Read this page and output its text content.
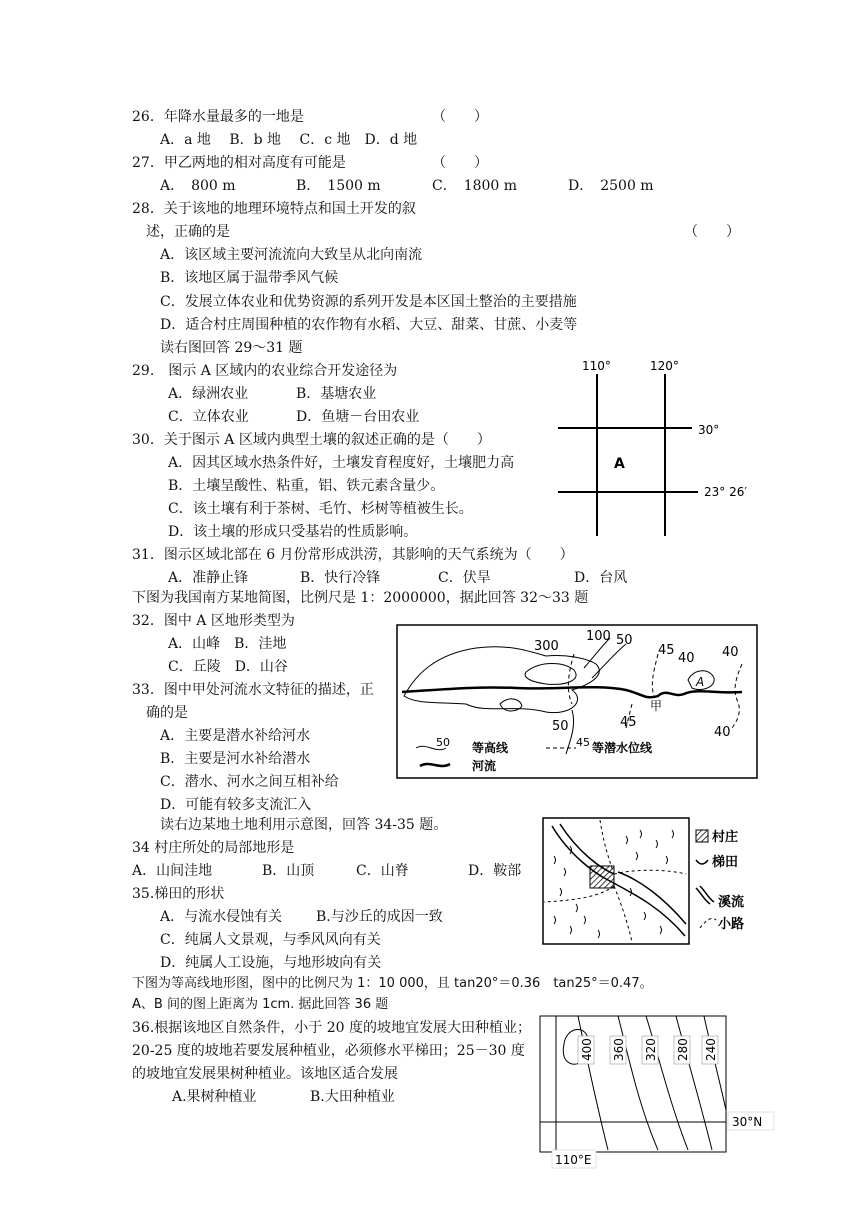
26．年降水量最多的一地是	（　　）
A．a 地　 B．b 地　 C．c 地　D．d 地
27．甲乙两地的相对高度有可能是	（　　）
A．　800 m	B．　1500 m	C．　1800 m	D．　2500 m
28．关于该地的地理环境特点和国土开发的叙
述，正确的是	（　　）
A．该区域主要河流流向大致呈从北向南流
B．该地区属于温带季风气候
C．发展立体农业和优势资源的系列开发是本区国土整治的主要措施
D．适合村庄周围种植的农作物有水稻、大豆、甜菜、甘蔗、小麦等
读右图回答 29～31 题
29.　图示 A 区域内的农业综合开发途径为
A．绿洲农业	B．基塘农业
C．立体农业	D．鱼塘－台田农业
30．关于图示 A 区域内典型土壤的叙述正确的是（　　）
A．因其区域水热条件好，土壤发育程度好，土壤肥力高
B．土壤呈酸性、粘重，铝、铁元素含量少。
C．该土壤有利于茶树、毛竹、杉树等植被生长。
D．该土壤的形成只受基岩的性质影响。
31．图示区域北部在 6 月份常形成洪涝，其影响的天气系统为（　　）
A．准静止锋	B．快行冷锋	C．伏旱	D．台风
110°	120°
30°
23° 26′
A
下图为我国南方某地简图，比例尺是 1：2000000，据此回答 32～33 题
32．图中 A 区地形类型为
A．山峰　B．洼地
C．丘陵　D．山谷
33．图中甲处河流水文特征的描述，正
确的是
A．主要是潜水补给河水
B．主要是河水补给潜水
C．潜水、河水之间互相补给
D．可能有较多支流汇入
300
100 50
45
40 40
50	45
40
A
甲
50 等高线
河流
45 等潜水位线
读右边某地土地利用示意图，回答 34-35 题。
34 村庄所处的局部地形是
A．山间洼地	B．山顶	C．山脊	D．鞍部
35.梯田的形状
A．与流水侵蚀有关 B.与沙丘的成因一致
C．纯属人文景观，与季风风向有关
D．纯属人工设施，与地形坡向有关
村庄
梯田
溪流
小路
下图为等高线地形图，图中的比例尺为 1：10 000，且 tan20°＝0.36　tan25°＝0.47。
A、B 间的图上距离为 1cm. 据此回答 36 题
36.根据该地区自然条件，小于 20 度的坡地宜发展大田种植业；
20-25 度的坡地若要发展种植业，必须修水平梯田；25－30 度
的坡地宜发展果树种植业。该地区适合发展
A.果树种植业	B.大田种植业
400 360 320 280 240
30°N
110°E
